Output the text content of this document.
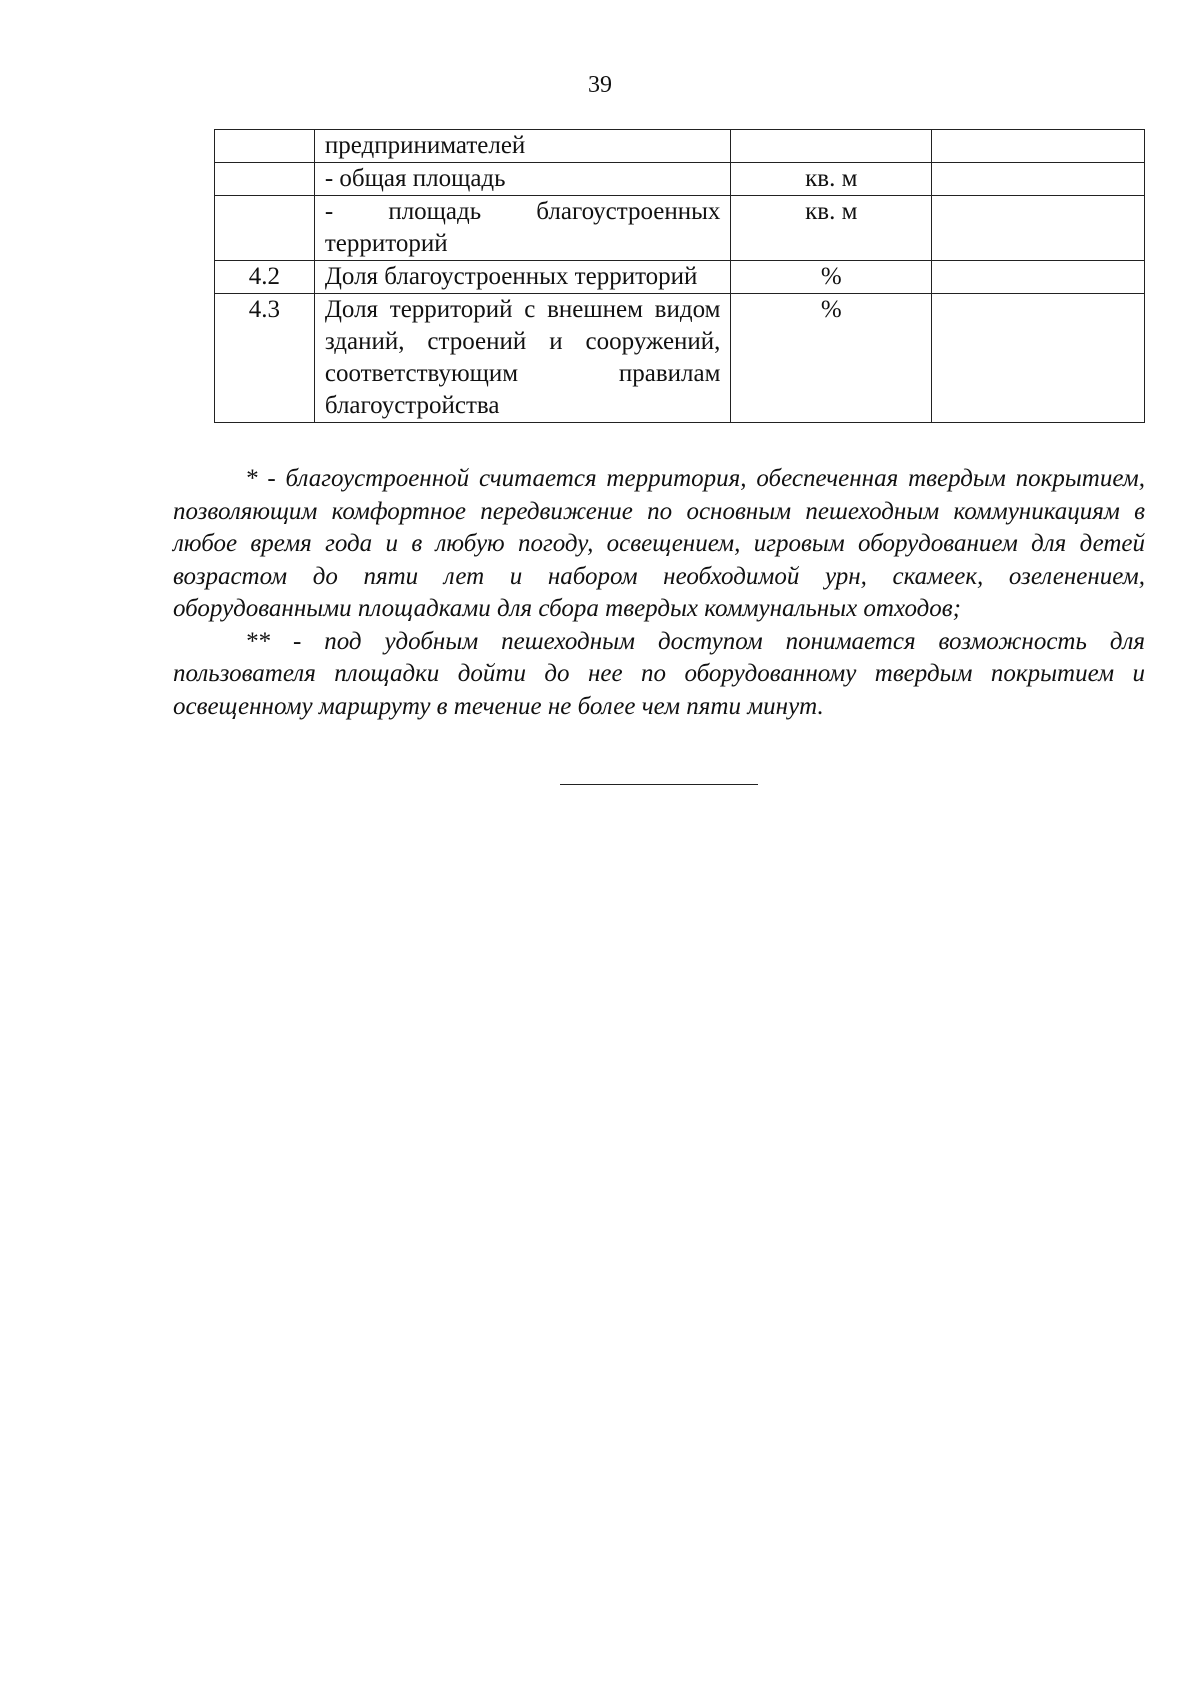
39
	предпринимателей		
	- общая площадь	кв. м	
	- площадь благоустроенных территорий	кв. м	
4.2	Доля благоустроенных территорий	%	
4.3	Доля территорий с внешнем видом зданий, строений и сооружений, соответствующим правилам благоустройства	%	

* - благоустроенной считается территория, обеспеченная твердым покрытием, позволяющим комфортное передвижение по основным пешеходным коммуникациям в любое время года и в любую погоду, освещением, игровым оборудованием для детей возрастом до пяти лет и набором необходимой урн, скамеек, озеленением, оборудованными площадками для сбора твердых коммунальных отходов;

** - под удобным пешеходным доступом понимается возможность для пользователя площадки дойти до нее по оборудованному твердым покрытием и освещенному маршруту в течение не более чем пяти минут.
